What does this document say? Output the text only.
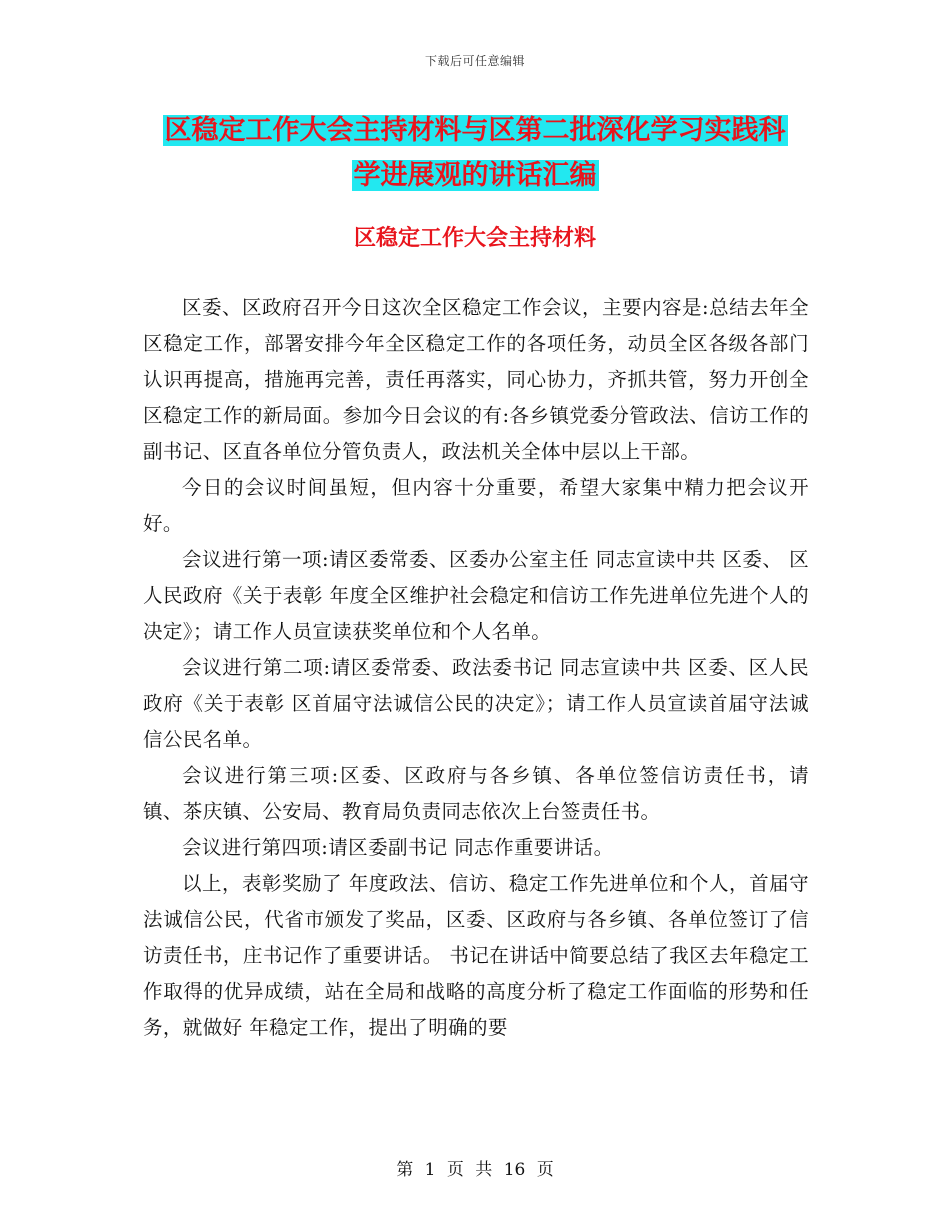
下载后可任意编辑
区稳定工作大会主持材料与区第二批深化学习实践科
学进展观的讲话汇编
区稳定工作大会主持材料

区委、区政府召开今日这次全区稳定工作会议，主要内容是:总结去年全区稳定工作，部署安排今年全区稳定工作的各项任务，动员全区各级各部门认识再提高，措施再完善，责任再落实，同心协力，齐抓共管，努力开创全区稳定工作的新局面。参加今日会议的有:各乡镇党委分管政法、信访工作的副书记、区直各单位分管负责人，政法机关全体中层以上干部。

今日的会议时间虽短，但内容十分重要，希望大家集中精力把会议开好。

会议进行第一项:请区委常委、区委办公室主任 同志宣读中共 区委、 区人民政府《关于表彰 年度全区维护社会稳定和信访工作先进单位先进个人的决定》；请工作人员宣读获奖单位和个人名单。

会议进行第二项:请区委常委、政法委书记 同志宣读中共 区委、区人民政府《关于表彰 区首届守法诚信公民的决定》；请工作人员宣读首届守法诚信公民名单。

会议进行第三项:区委、区政府与各乡镇、各单位签信访责任书，请 镇、茶庆镇、公安局、教育局负责同志依次上台签责任书。

会议进行第四项:请区委副书记 同志作重要讲话。

以上，表彰奖励了 年度政法、信访、稳定工作先进单位和个人，首届守法诚信公民，代省市颁发了奖品，区委、区政府与各乡镇、各单位签订了信访责任书，庄书记作了重要讲话。 书记在讲话中简要总结了我区去年稳定工作取得的优异成绩，站在全局和战略的高度分析了稳定工作面临的形势和任务，就做好 年稳定工作，提出了明确的要

第 1 页 共 16 页
